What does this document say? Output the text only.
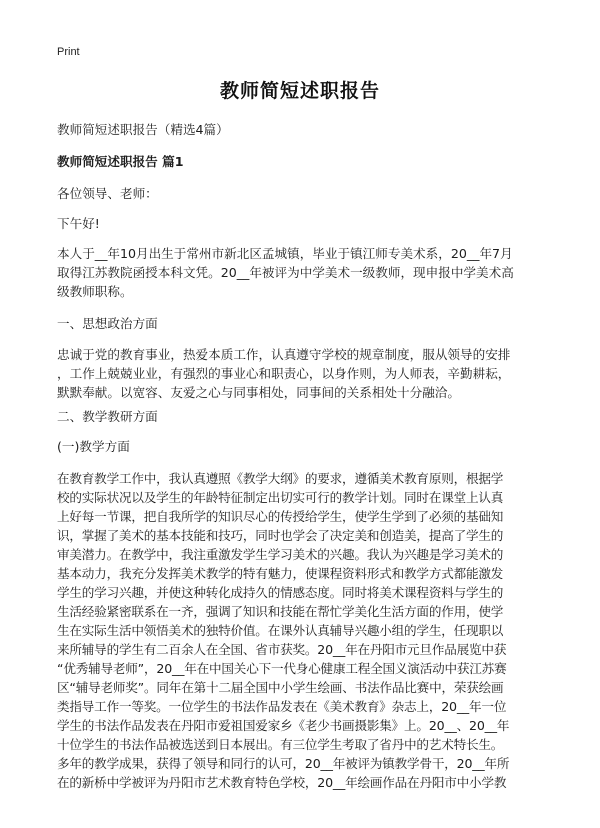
Print
教师简短述职报告
教师简短述职报告（精选4篇）
教师简短述职报告 篇1
各位领导、老师：
下午好!
本人于__年10月出生于常州市新北区孟城镇，毕业于镇江师专美术系，20__年7月
取得江苏教院函授本科文凭。20__年被评为中学美术一级教师，现申报中学美术高
级教师职称。
一、思想政治方面
忠诚于党的教育事业，热爱本质工作，认真遵守学校的规章制度，服从领导的安排
，工作上兢兢业业，有强烈的事业心和职责心，以身作则，为人师表，辛勤耕耘，
默默奉献。以宽容、友爱之心与同事相处，同事间的关系相处十分融洽。
二、教学教研方面
(一)教学方面
在教育教学工作中，我认真遵照《教学大纲》的要求，遵循美术教育原则，根据学
校的实际状况以及学生的年龄特征制定出切实可行的教学计划。同时在课堂上认真
上好每一节课，把自我所学的知识尽心的传授给学生，使学生学到了必须的基础知
识，掌握了美术的基本技能和技巧，同时也学会了决定美和创造美，提高了学生的
审美潜力。在教学中，我注重激发学生学习美术的兴趣。我认为兴趣是学习美术的
基本动力，我充分发挥美术教学的特有魅力，使课程资料形式和教学方式都能激发
学生的学习兴趣，并使这种转化成持久的情感态度。同时将美术课程资料与学生的
生活经验紧密联系在一齐，强调了知识和技能在帮忙学美化生活方面的作用，使学
生在实际生活中领悟美术的独特价值。在课外认真辅导兴趣小组的学生，任现职以
来所辅导的学生有二百余人在全国、省市获奖。20__年在丹阳市元旦作品展览中获
“优秀辅导老师”，20__年在中国关心下一代身心健康工程全国义演活动中获江苏赛
区“辅导老师奖”。同年在第十二届全国中小学生绘画、书法作品比赛中，荣获绘画
类指导工作一等奖。一位学生的书法作品发表在《美术教育》杂志上，20__年一位
学生的书法作品发表在丹阳市爱祖国爱家乡《老少书画摄影集》上。20__、20__年
十位学生的书法作品被选送到日本展出。有三位学生考取了省丹中的艺术特长生。
多年的教学成果，获得了领导和同行的认可，20__年被评为镇教学骨干，20__年所
在的新桥中学被评为丹阳市艺术教育特色学校，20__年绘画作品在丹阳市中小学教
